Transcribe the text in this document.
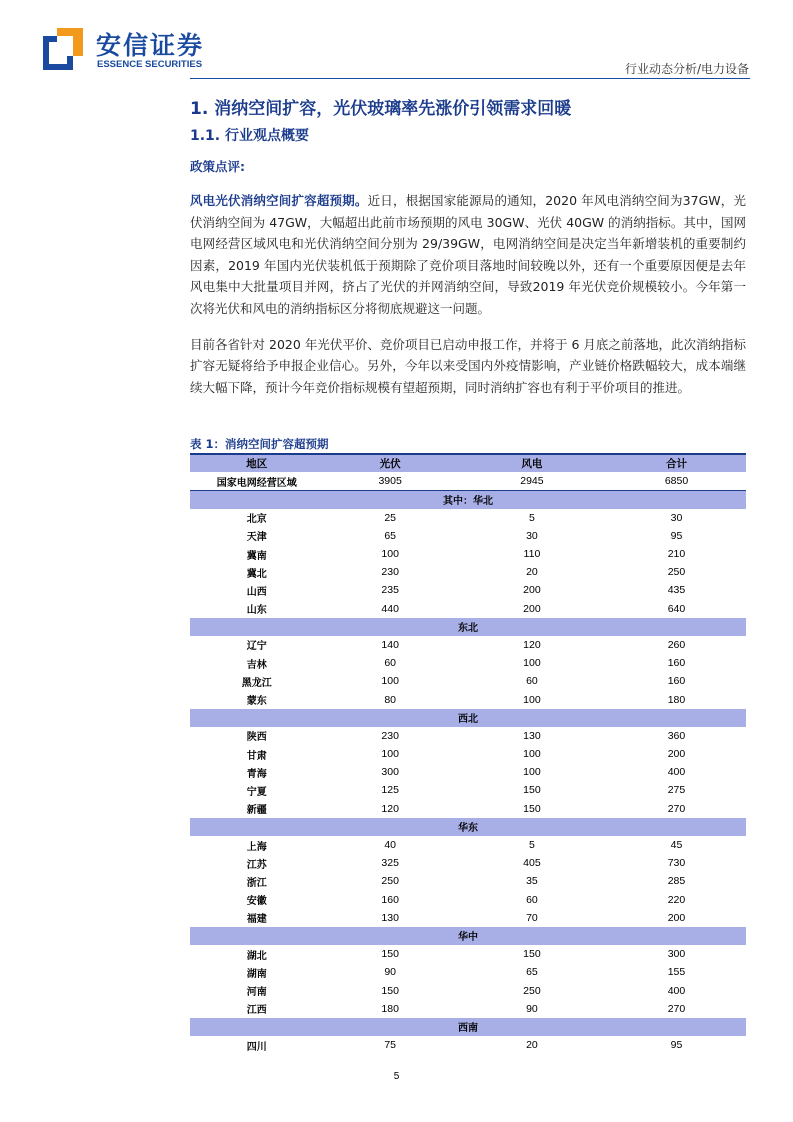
安信证券
ESSENCE SECURITIES	行业动态分析/电力设备
1. 消纳空间扩容，光伏玻璃率先涨价引领需求回暖
1.1. 行业观点概要
政策点评:

风电光伏消纳空间扩容超预期。近日，根据国家能源局的通知，2020 年风电消纳空间为37GW，光伏消纳空间为 47GW，大幅超出此前市场预期的风电 30GW、光伏 40GW 的消纳指标。其中，国网电网经营区域风电和光伏消纳空间分别为 29/39GW，电网消纳空间是决定当年新增装机的重要制约因素，2019 年国内光伏装机低于预期除了竞价项目落地时间较晚以外，还有一个重要原因便是去年风电集中大批量项目并网，挤占了光伏的并网消纳空间，导致2019 年光伏竞价规模较小。今年第一次将光伏和风电的消纳指标区分将彻底规避这一问题。

目前各省针对 2020 年光伏平价、竞价项目已启动申报工作，并将于 6 月底之前落地，此次消纳指标扩容无疑将给予申报企业信心。另外，今年以来受国内外疫情影响，产业链价格跌幅较大，成本端继续大幅下降，预计今年竞价指标规模有望超预期，同时消纳扩容也有利于平价项目的推进。

表 1：消纳空间扩容超预期
地区	光伏	风电	合计
国家电网经营区域	3905	2945	6850
其中：华北			
北京	25	5	30
天津	65	30	95
冀南	100	110	210
冀北	230	20	250
山西	235	200	435
山东	440	200	640
东北			
辽宁	140	120	260
吉林	60	100	160
黑龙江	100	60	160
蒙东	80	100	180
西北			
陕西	230	130	360
甘肃	100	100	200
青海	300	100	400
宁夏	125	150	275
新疆	120	150	270
华东			
上海	40	5	45
江苏	325	405	730
浙江	250	35	285
安徽	160	60	220
福建	130	70	200
华中			
湖北	150	150	300
湖南	90	65	155
河南	150	250	400
江西	180	90	270
西南			
四川	75	20	95
5
